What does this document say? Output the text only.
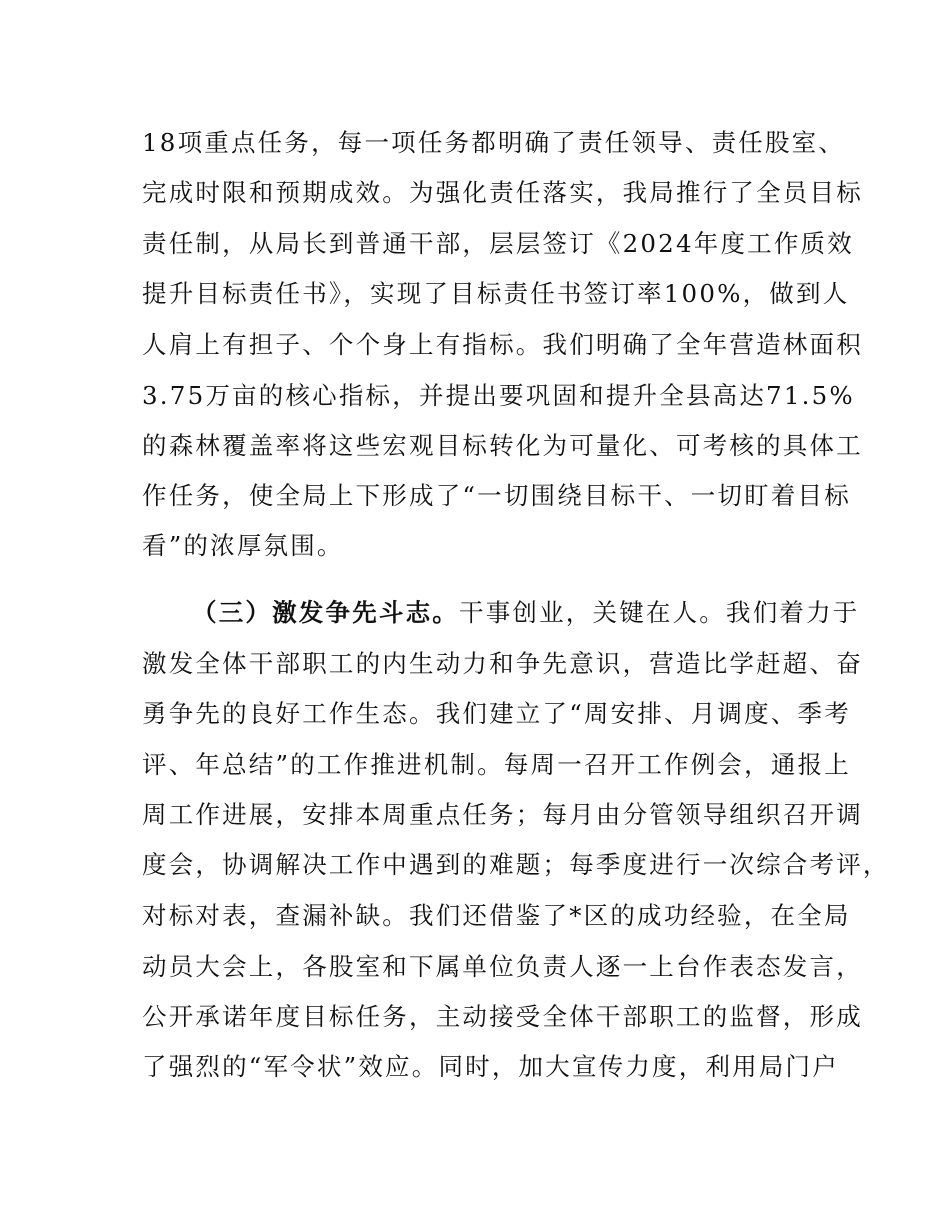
18项重点任务，每一项任务都明确了责任领导、责任股室、
完成时限和预期成效。为强化责任落实，我局推行了全员目标
责任制，从局长到普通干部，层层签订《2024年度工作质效
提升目标责任书》，实现了目标责任书签订率100%，做到人
人肩上有担子、个个身上有指标。我们明确了全年营造林面积
3.75万亩的核心指标，并提出要巩固和提升全县高达71.5%
的森林覆盖率将这些宏观目标转化为可量化、可考核的具体工
作任务，使全局上下形成了“一切围绕目标干、一切盯着目标
看”的浓厚氛围。
（三）激发争先斗志。干事创业，关键在人。我们着力于
激发全体干部职工的内生动力和争先意识，营造比学赶超、奋
勇争先的良好工作生态。我们建立了“周安排、月调度、季考
评、年总结”的工作推进机制。每周一召开工作例会，通报上
周工作进展，安排本周重点任务；每月由分管领导组织召开调
度会，协调解决工作中遇到的难题；每季度进行一次综合考评，
对标对表，查漏补缺。我们还借鉴了*区的成功经验，在全局
动员大会上，各股室和下属单位负责人逐一上台作表态发言，
公开承诺年度目标任务，主动接受全体干部职工的监督，形成
了强烈的“军令状”效应。同时，加大宣传力度，利用局门户
